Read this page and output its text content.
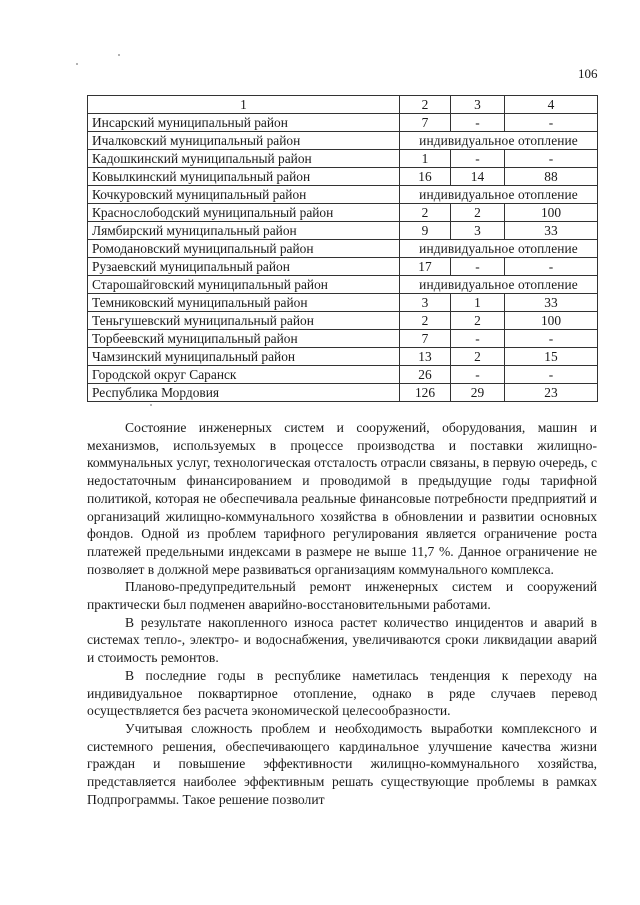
106
1	2	3	4
Инсарский муниципальный район	7	-	-
Ичалковский муниципальный район	индивидуальное отопление		
Кадошкинский муниципальный район	1	-	-
Ковылкинский муниципальный район	16	14	88
Кочкуровский муниципальный район	индивидуальное отопление		
Краснослободский муниципальный район	2	2	100
Лямбирский муниципальный район	9	3	33
Ромодановский муниципальный район	индивидуальное отопление		
Рузаевский муниципальный район	17	-	-
Старошайговский муниципальный район	индивидуальное отопление		
Темниковский муниципальный район	3	1	33
Теньгушевский муниципальный район	2	2	100
Торбеевский муниципальный район	7	-	-
Чамзинский муниципальный район	13	2	15
Городской округ Саранск	26	-	-
Республика Мордовия	126	29	23

Состояние инженерных систем и сооружений, оборудования, машин и механизмов, используемых в процессе производства и поставки жилищно-коммунальных услуг, технологическая отсталость отрасли связаны, в первую очередь, с недостаточным финансированием и проводимой в предыдущие годы тарифной политикой, которая не обеспечивала реальные финансовые потребности предприятий и организаций жилищно-коммунального хозяйства в обновлении и развитии основных фондов. Одной из проблем тарифного регулирования является ограничение роста платежей предельными индексами в размере не выше 11,7 %. Данное ограничение не позволяет в должной мере развиваться организациям коммунального комплекса.

Планово-предупредительный ремонт инженерных систем и сооружений практически был подменен аварийно-восстановительными работами.

В результате накопленного износа растет количество инцидентов и аварий в системах тепло-, электро- и водоснабжения, увеличиваются сроки ликвидации аварий и стоимость ремонтов.

В последние годы в республике наметилась тенденция к переходу на индивидуальное поквартирное отопление, однако в ряде случаев перевод осуществляется без расчета экономической целесообразности.

Учитывая сложность проблем и необходимость выработки комплексного и системного решения, обеспечивающего кардинальное улучшение качества жизни граждан и повышение эффективности жилищно-коммунального хозяйства, представляется наиболее эффективным решать существующие проблемы в рамках Подпрограммы. Такое решение позволит
